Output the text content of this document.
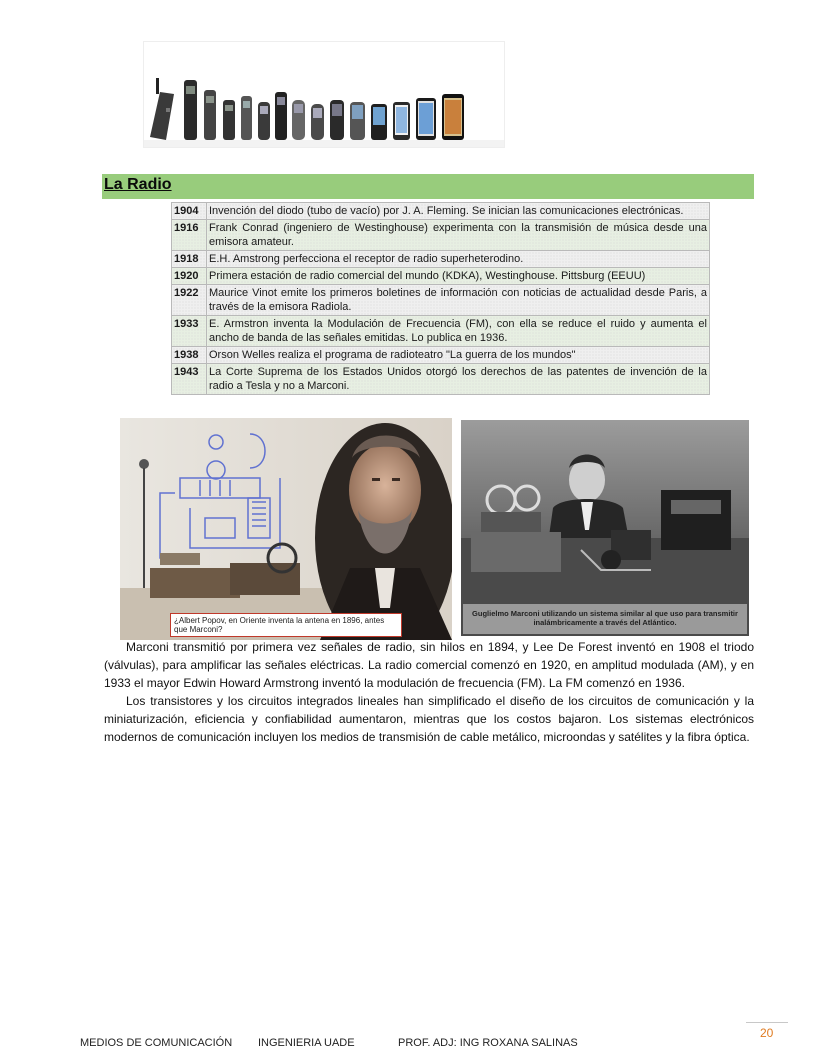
La Radio
1904	Invención del diodo (tubo de vacío) por J. A. Fleming. Se inician las comunicaciones electrónicas.
1916	Frank Conrad (ingeniero de Westinghouse) experimenta con la transmisión de música desde una emisora amateur.
1918	E.H. Amstrong perfecciona el receptor de radio superheterodino.
1920	Primera estación de radio comercial del mundo (KDKA), Westinghouse. Pittsburg (EEUU)
1922	Maurice Vinot emite los primeros boletines de información con noticias de actualidad desde Paris, a través de la emisora Radiola.
1933	E. Armstron inventa la Modulación de Frecuencia (FM), con ella se reduce el ruido y aumenta el ancho de banda de las señales emitidas. Lo publica en 1936.
1938	Orson Welles realiza el programa de radioteatro "La guerra de los mundos"
1943	La Corte Suprema de los Estados Unidos otorgó los derechos de las patentes de invención de la radio a Tesla y no a Marconi.
¿Albert Popov, en Oriente inventa la antena en 1896, antes que Marconi?
Guglielmo Marconi utilizando un sistema similar al que uso para transmitir inalámbricamente a través del Atlántico.

Marconi transmitió por primera vez señales de radio, sin hilos en 1894, y Lee De Forest inventó en 1908 el triodo (válvulas), para amplificar las señales eléctricas. La radio comercial comenzó en 1920, en amplitud modulada (AM), y en 1933 el mayor Edwin Howard Armstrong inventó la modulación de frecuencia (FM). La FM comenzó en 1936.

Los transistores y los circuitos integrados lineales han simplificado el diseño de los circuitos de comunicación y la miniaturización, eficiencia y confiabilidad aumentaron, mientras que los costos bajaron. Los sistemas electrónicos modernos de comunicación incluyen los medios de transmisión de cable metálico, microondas y satélites y la fibra óptica.

20
MEDIOS DE COMUNICACIÓN INGENIERIA UADE	PROF. ADJ: ING ROXANA SALINAS
